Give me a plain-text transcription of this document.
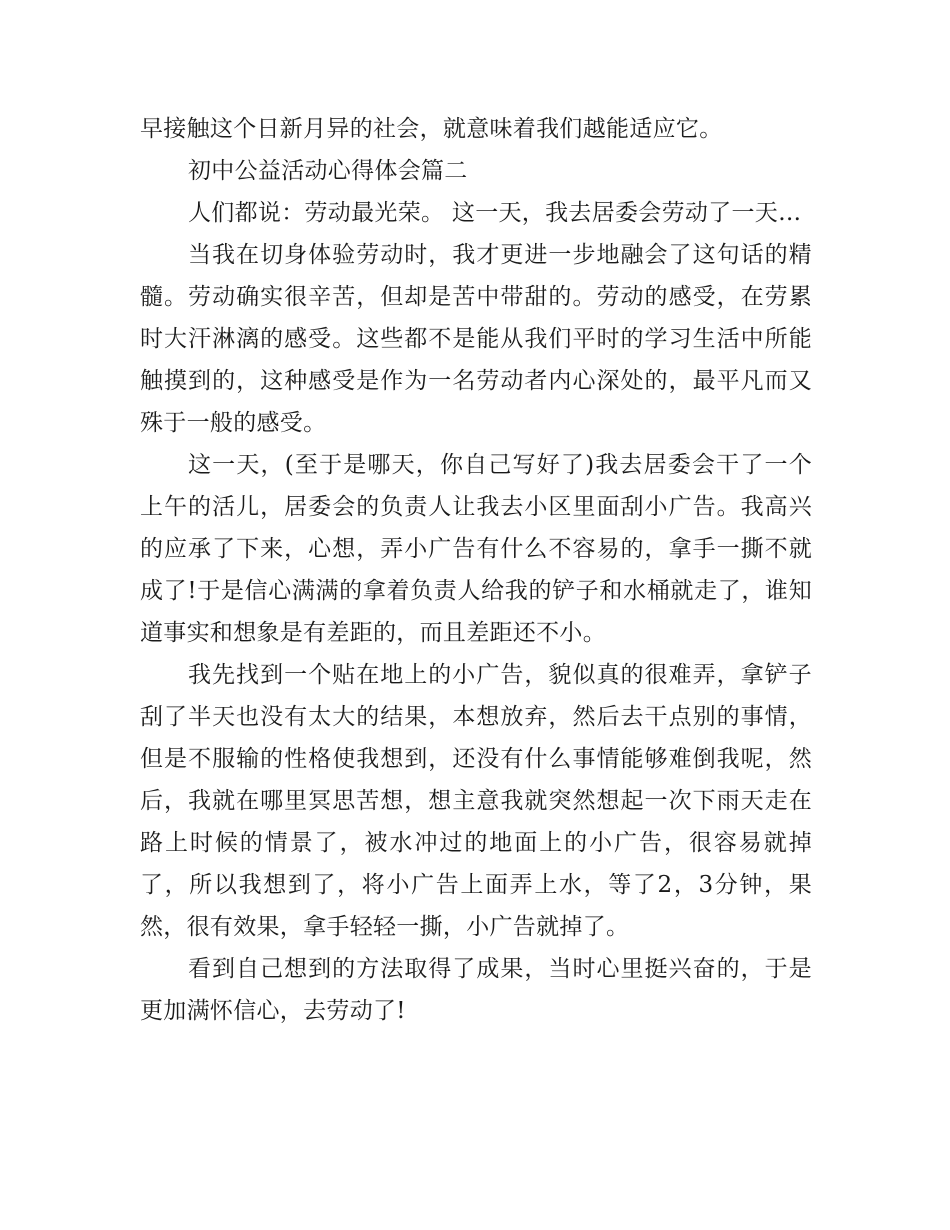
早接触这个日新月异的社会，就意味着我们越能适应它。

初中公益活动心得体会篇二

人们都说：劳动最光荣。 这一天，我去居委会劳动了一天…

当我在切身体验劳动时，我才更进一步地融会了这句话的精髓。劳动确实很辛苦，但却是苦中带甜的。劳动的感受，在劳累时大汗淋漓的感受。这些都不是能从我们平时的学习生活中所能触摸到的，这种感受是作为一名劳动者内心深处的，最平凡而又殊于一般的感受。

这一天，(至于是哪天，你自己写好了)我去居委会干了一个上午的活儿，居委会的负责人让我去小区里面刮小广告。我高兴的应承了下来，心想，弄小广告有什么不容易的，拿手一撕不就成了!于是信心满满的拿着负责人给我的铲子和水桶就走了，谁知道事实和想象是有差距的，而且差距还不小。

我先找到一个贴在地上的小广告，貌似真的很难弄，拿铲子刮了半天也没有太大的结果，本想放弃，然后去干点别的事情，但是不服输的性格使我想到，还没有什么事情能够难倒我呢，然后，我就在哪里冥思苦想，想主意我就突然想起一次下雨天走在路上时候的情景了，被水冲过的地面上的小广告，很容易就掉了，所以我想到了，将小广告上面弄上水，等了2，3分钟，果然，很有效果，拿手轻轻一撕，小广告就掉了。

看到自己想到的方法取得了成果，当时心里挺兴奋的，于是更加满怀信心，去劳动了!
